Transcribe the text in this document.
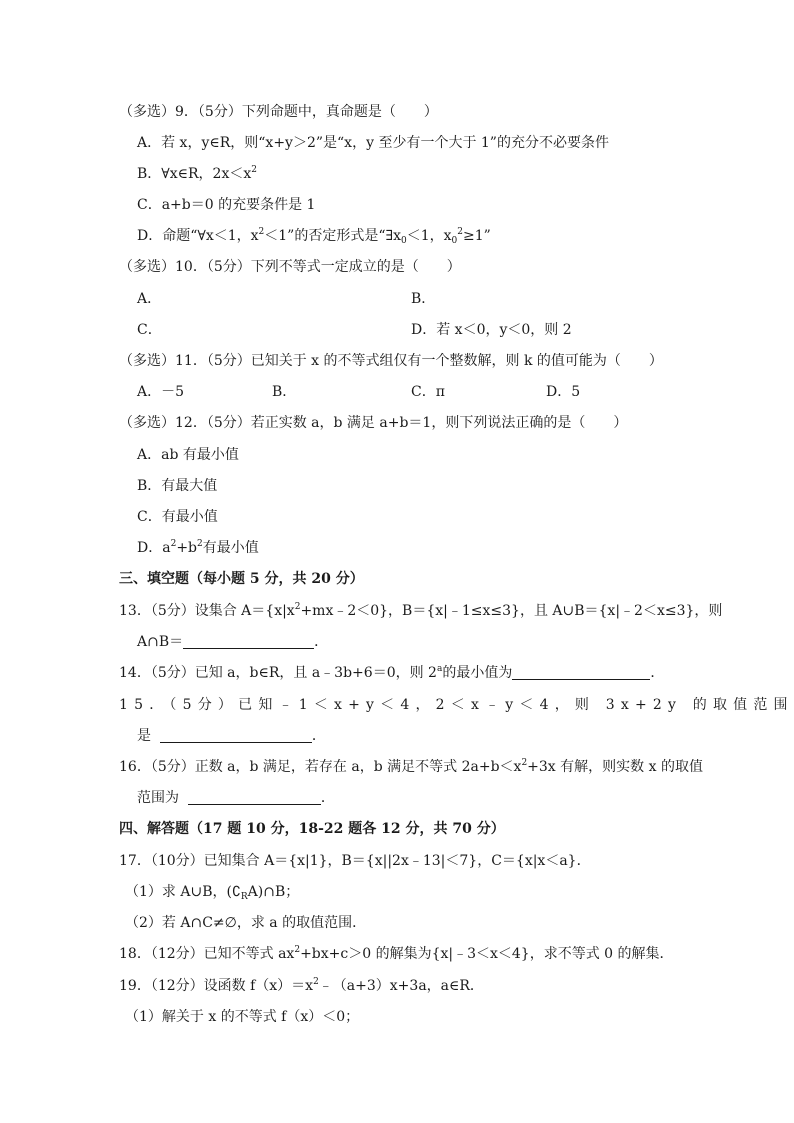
（多选）9．（5分）下列命题中，真命题是（　　）
A．若 x，y∈R，则“x+y＞2”是“x，y 至少有一个大于 1”的充分不必要条件
B．∀x∈R，$2x<x^2$
C．a+b＝0 的充要条件是 1
D．命题“∀x＜1，$x^2<1$”的否定形式是“$\exists x_0<1$，$x_0^2\ge 1$”
（多选）10．（5分）下列不等式一定成立的是（　　）
A．	B．
C．	D．若 x＜0，y＜0，则 2
（多选）11．（5分）已知关于 x 的不等式组仅有一个整数解，则 k 的值可能为（　　）
A．－5	B．	C．π	D．5
（多选）12．（5分）若正实数 a，b 满足 a+b＝1，则下列说法正确的是（　　）
A．ab 有最小值
B．有最大值
C．有最小值
D．$a^2+b^2$有最小值
三、填空题（每小题 5 分，共 20 分）
13．（5分）设集合 $A=\{x|x^2+mx﹣2<0\}$，B＝{x|﹣1≤x≤3}，且 A∪B＝{x|﹣2＜x≤3}，则
A∩B＝	．
14．（5分）已知 a，b∈R，且 a﹣3b+6＝0，则 2$^a$的最小值为	．
15．（5分）已知﹣1＜x+y＜4，2＜x﹣y＜4，则 3x+2y 的取值范围
是	．
16．（5分）正数 a，b 满足，若存在 a，b 满足不等式 $2a+b<x^2+3x$ 有解，则实数 x 的取值
范围为	．
四、解答题（17 题 10 分，18-22 题各 12 分，共 70 分）
17．（10分）已知集合 A＝{x|1}，B＝{x||2x﹣13|＜7}，C＝{x|x＜a}．
（1）求 A∪B，$(∁_RA)\cap B$；
（2）若 A∩C≠∅，求 a 的取值范围．
18．（12分）已知不等式 $ax^2+bx+c>0$ 的解集为{x|﹣3＜x＜4}，求不等式 0 的解集．
19．（12分）设函数 $f(x)=x^2﹣(a+3)x+3a$，a∈R．
（1）解关于 x 的不等式 f（x）＜0；
